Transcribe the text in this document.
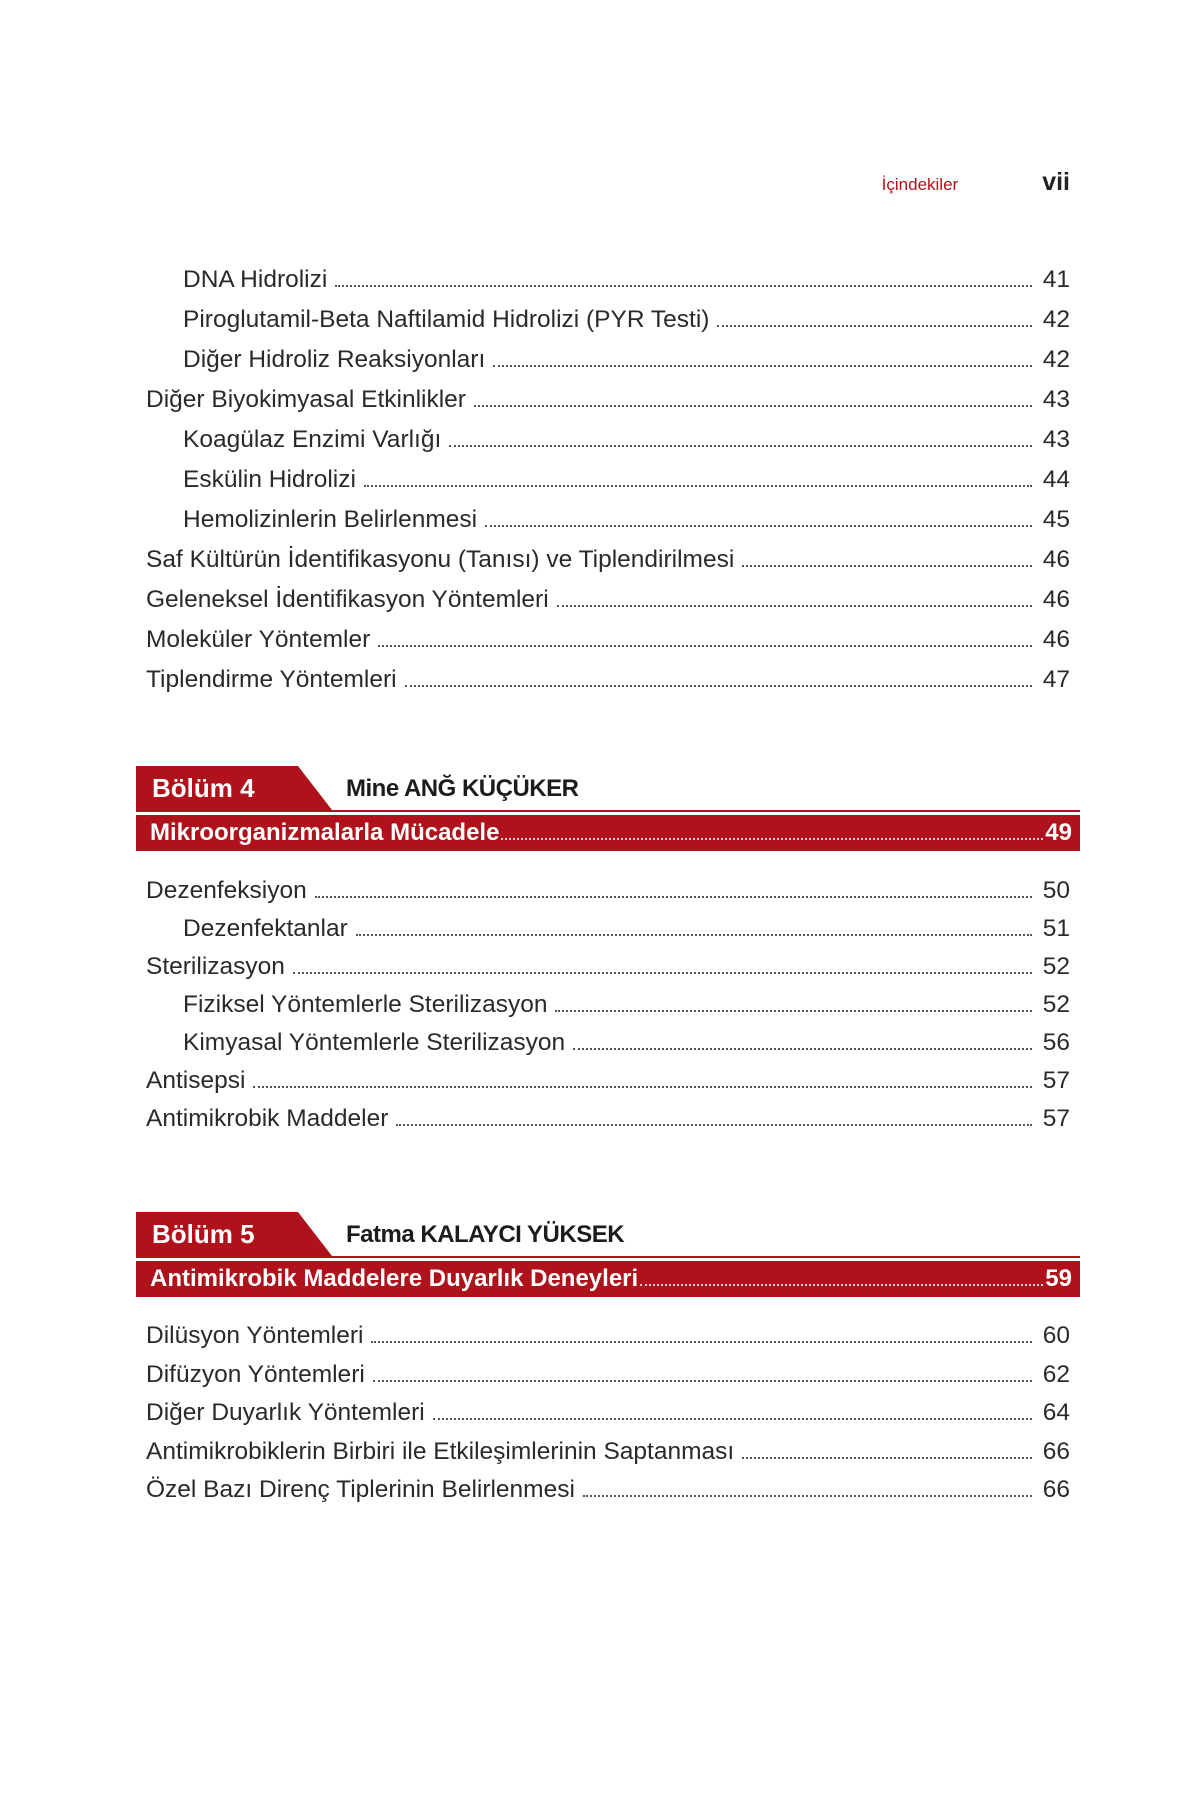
İçindekiler	vii
DNA Hidrolizi	41
Piroglutamil-Beta Naftilamid Hidrolizi (PYR Testi)	42
Diğer Hidroliz Reaksiyonları	42
Diğer Biyokimyasal Etkinlikler	43
Koagülaz Enzimi Varlığı	43
Eskülin Hidrolizi	44
Hemolizinlerin Belirlenmesi	45
Saf Kültürün İdentifikasyonu (Tanısı) ve Tiplendirilmesi	46
Geleneksel İdentifikasyon Yöntemleri	46
Moleküler Yöntemler	46
Tiplendirme Yöntemleri	47
Bölüm 4	Mine ANĞ KÜÇÜKER
Mikroorganizmalarla Mücadele	49
Dezenfeksiyon	50
Dezenfektanlar	51
Sterilizasyon	52
Fiziksel Yöntemlerle Sterilizasyon	52
Kimyasal Yöntemlerle Sterilizasyon	56
Antisepsi	57
Antimikrobik Maddeler	57
Bölüm 5	Fatma KALAYCI YÜKSEK
Antimikrobik Maddelere Duyarlık Deneyleri	59
Dilüsyon Yöntemleri	60
Difüzyon Yöntemleri	62
Diğer Duyarlık Yöntemleri	64
Antimikrobiklerin Birbiri ile Etkileşimlerinin Saptanması	66
Özel Bazı Direnç Tiplerinin Belirlenmesi	66
